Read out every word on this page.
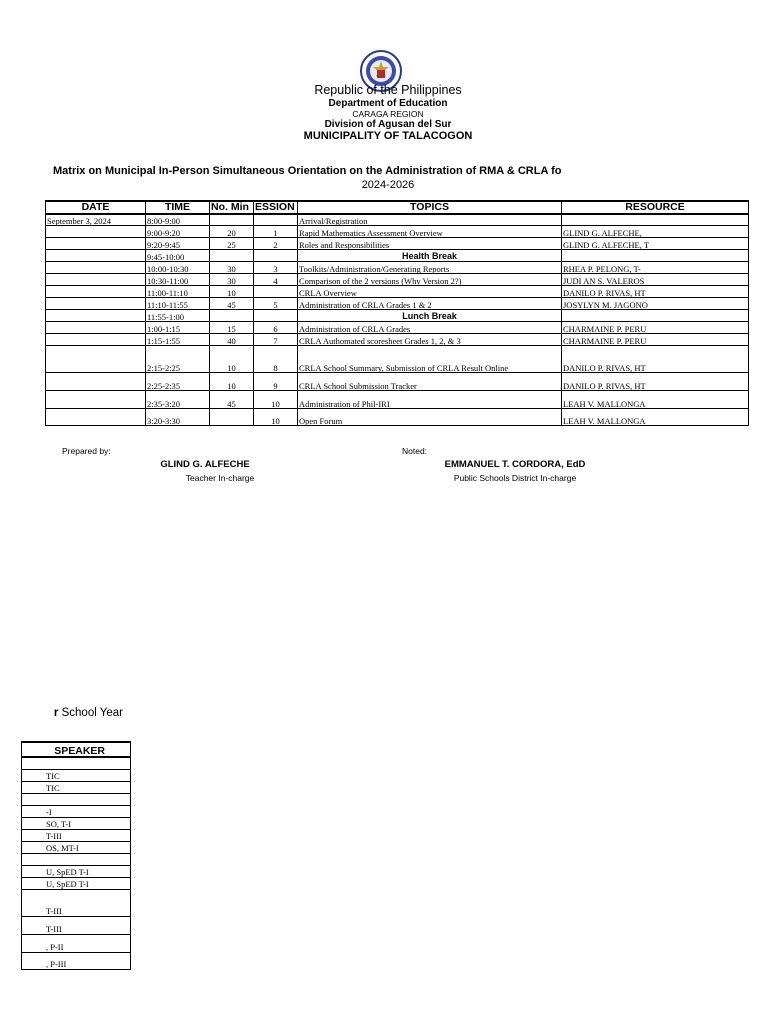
Republic of the Philippines
Department of Education
CARAGA REGION
Division of Agusan del Sur
MUNICIPALITY OF TALACOGON
Matrix on Municipal In-Person Simultaneous Orientation on the Administration of RMA & CRLA fo
2024-2026
DATE	TIME	No. Min	ESSION	TOPICS	RESOURCE
September 3, 2024	8:00-9:00			Arrival/Registration	
	9:00-9:20	20	1	Rapid Mathematics Assessment Overview	GLIND G. ALFECHE,
	9:20-9:45	25	2	Roles and Responsibilities	GLIND G. ALFECHE, T
	9:45-10:00			Health Break	
	10:00-10:30	30	3	Toolkits/Administration/Generating Reports	RHEA P. PELONG, T-
	10:30-11:00	30	4	Comparison of the 2 versions (Why Version 2?)	JUDI AN S. VALEROS
	11:00-11:10	10		CRLA Overview	DANILO P. RIVAS, HT
	11:10-11:55	45	5	Administration of CRLA Grades 1 & 2	JOSYLYN M. JAGONO
	11:55-1:00			Lunch Break	
	1:00-1:15	15	6	Administration of CRLA Grades	CHARMAINE P. PERU
	1:15-1:55	40	7	CRLA Authomated scoresheet Grades 1, 2, & 3	CHARMAINE P. PERU
	2:15-2:25	10	8	CRLA School Summary, Submission of CRLA Result Online	DANILO P. RIVAS, HT
	2:25-2:35	10	9	CRLA School Submission Tracker	DANILO P. RIVAS, HT
	2:35-3:20	45	10	Administration of Phil-IRI	LEAH V. MALLONGA
	3:20-3:30		10	Open Forum	LEAH V. MALLONGA
Prepared by:
GLIND G. ALFECHE
Teacher In-charge
Noted:
EMMANUEL T. CORDORA, EdD
Public Schools District In-charge
r School Year
SPEAKER

TIC
TIC

-I
SO, T-I
T-III
OS, MT-I

U, SpED T-I
U, SpED T-I
T-III
T-III
, P-II
, P-III
